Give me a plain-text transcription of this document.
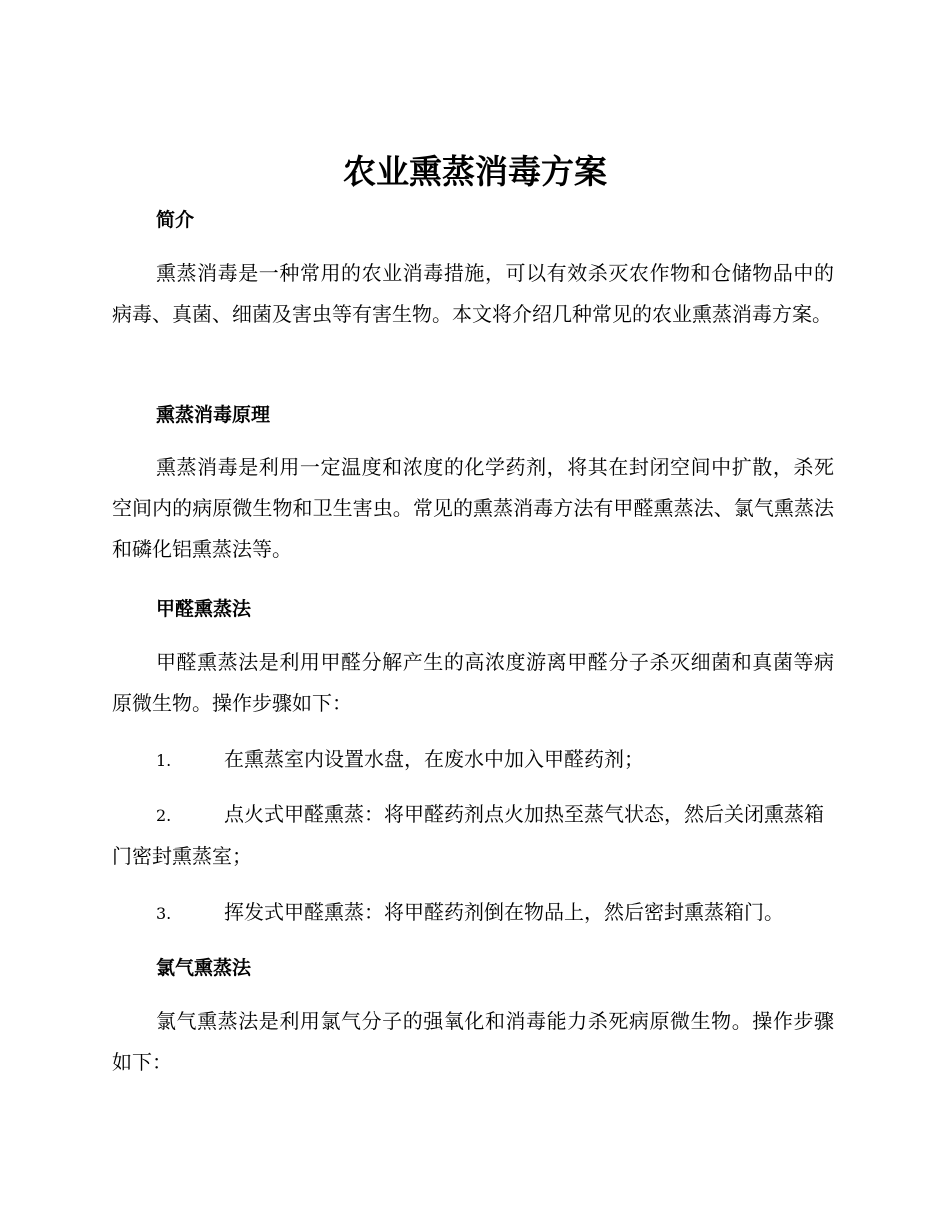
农业熏蒸消毒方案
简介

熏蒸消毒是一种常用的农业消毒措施，可以有效杀灭农作物和仓储物品中的病毒、真菌、细菌及害虫等有害生物。本文将介绍几种常见的农业熏蒸消毒方案。

熏蒸消毒原理

熏蒸消毒是利用一定温度和浓度的化学药剂，将其在封闭空间中扩散，杀死空间内的病原微生物和卫生害虫。常见的熏蒸消毒方法有甲醛熏蒸法、氯气熏蒸法和磷化铝熏蒸法等。

甲醛熏蒸法

甲醛熏蒸法是利用甲醛分解产生的高浓度游离甲醛分子杀灭细菌和真菌等病原微生物。操作步骤如下：

1.	在熏蒸室内设置水盘，在废水中加入甲醛药剂；

2.	点火式甲醛熏蒸：将甲醛药剂点火加热至蒸气状态，然后关闭熏蒸箱门密封熏蒸室；

3.	挥发式甲醛熏蒸：将甲醛药剂倒在物品上，然后密封熏蒸箱门。

氯气熏蒸法

氯气熏蒸法是利用氯气分子的强氧化和消毒能力杀死病原微生物。操作步骤如下：
